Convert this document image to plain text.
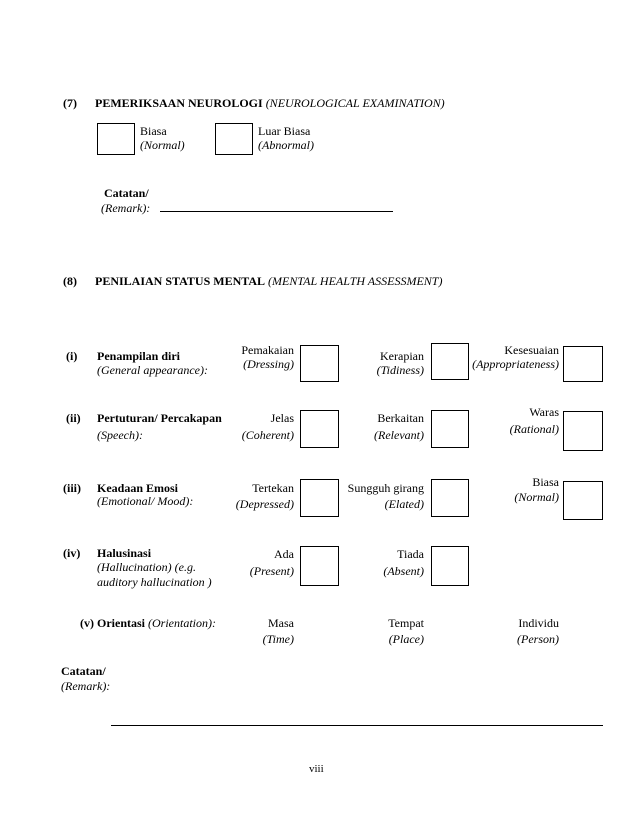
(7) PEMERIKSAAN NEUROLOGI (NEUROLOGICAL EXAMINATION)
Biasa
(Normal)
Luar Biasa
(Abnormal)
Catatan/
(Remark):
(8) PENILAIAN STATUS MENTAL (MENTAL HEALTH ASSESSMENT)
(i) Penampilan diri
(General appearance):
Pemakaian
(Dressing)
Kerapian
(Tidiness)
Kesesuaian
(Appropriateness)
(ii) Pertuturan/ Percakapan
(Speech):
Jelas
(Coherent)
Berkaitan
(Relevant)
Waras
(Rational)
(iii) Keadaan Emosi
(Emotional/ Mood):
Tertekan
(Depressed)
Sungguh girang
(Elated)
Biasa
(Normal)
(iv) Halusinasi
(Hallucination) (e.g.
auditory hallucination )
Ada
(Present)
Tiada
(Absent)
(v) Orientasi (Orientation):	Masa
(Time)
Tempat
(Place)
Individu
(Person)
Catatan/
(Remark):
viii
